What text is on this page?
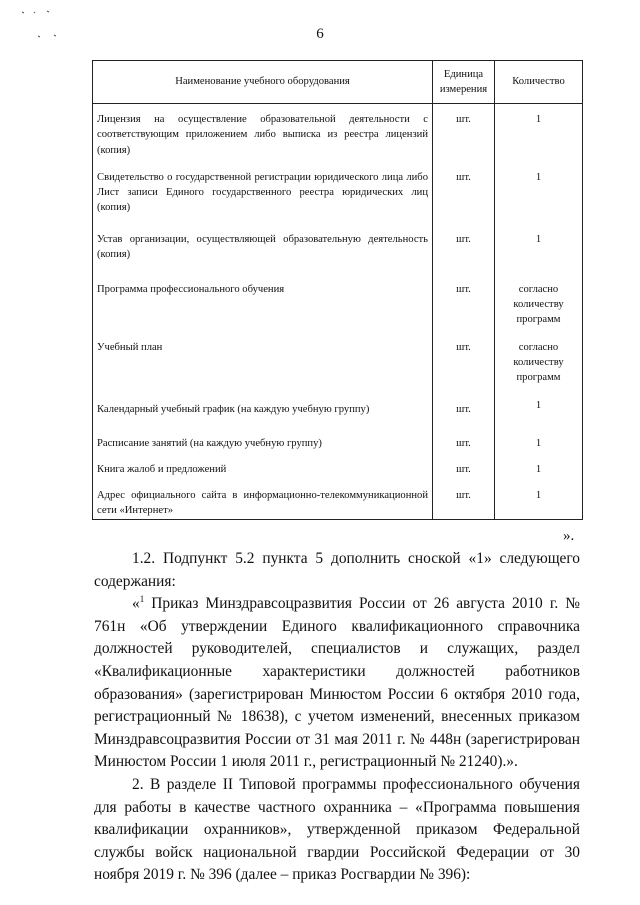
6
Наименование учебного оборудования	Единица измерения	Количество
Лицензия на осуществление образовательной деятельности с соответствующим приложением либо выписка из реестра лицензий (копия)	шт.	1
Свидетельство о государственной регистрации юридического лица либо Лист записи Единого государственного реестра юридических лиц (копия)	шт.	1
Устав организации, осуществляющей образовательную деятельность (копия)	шт.	1
Программа профессионального обучения	шт.	согласно количеству программ
Учебный план	шт.	согласно количеству программ
Календарный учебный график (на каждую учебную группу)	шт.	1
Расписание занятий (на каждую учебную группу)	шт.	1
Книга жалоб и предложений	шт.	1
Адрес официального сайта в информационно-телекоммуникационной сети «Интернет»	шт.	1
».

1.2. Подпункт 5.2 пункта 5 дополнить сноской «1» следующего содержания:

«$^1$ Приказ Минздравсоцразвития России от 26 августа 2010 г. № 761н «Об утверждении Единого квалификационного справочника должностей руководителей, специалистов и служащих, раздел «Квалификационные характеристики должностей работников образования» (зарегистрирован Минюстом России 6 октября 2010 года, регистрационный № 18638), с учетом изменений, внесенных приказом Минздравсоцразвития России от 31 мая 2011 г. № 448н (зарегистрирован Минюстом России 1 июля 2011 г., регистрационный № 21240).».

2. В разделе II Типовой программы профессионального обучения для работы в качестве частного охранника – «Программа повышения квалификации охранников», утвержденной приказом Федеральной службы войск национальной гвардии Российской Федерации от 30 ноября 2019 г. № 396 (далее – приказ Росгвардии № 396):
